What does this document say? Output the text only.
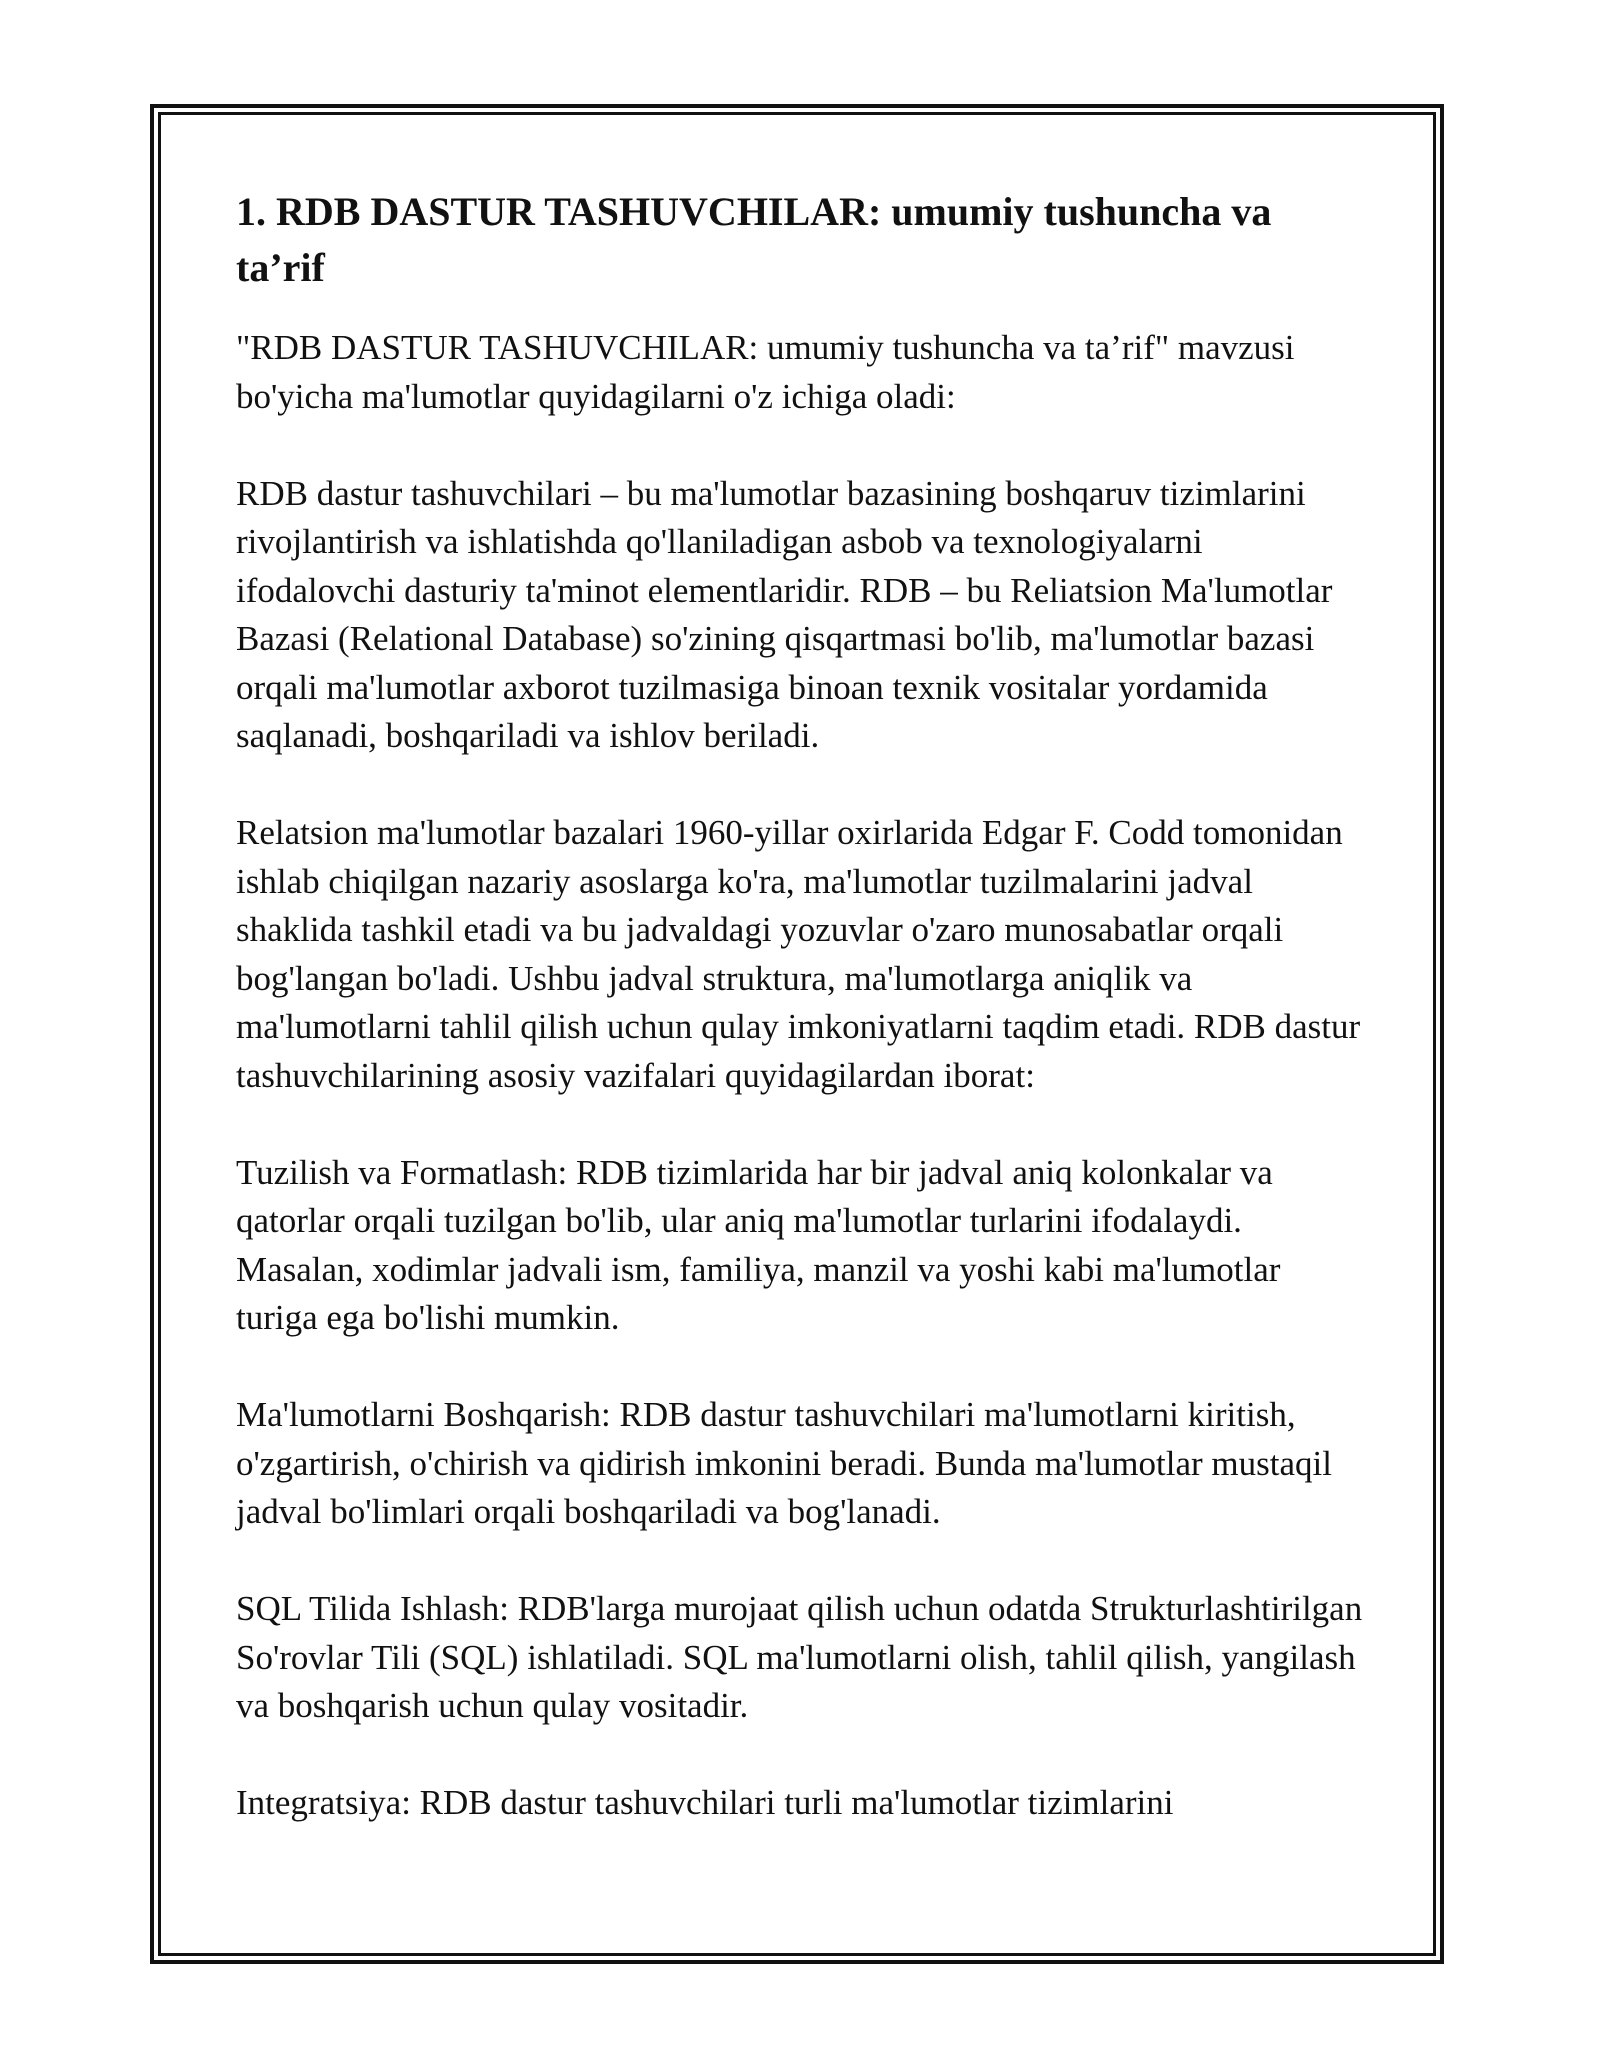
1. RDB DASTUR TASHUVCHILAR: umumiy tushuncha va ta’rif

"RDB DASTUR TASHUVCHILAR: umumiy tushuncha va ta’rif" mavzusi bo'yicha ma'lumotlar quyidagilarni o'z ichiga oladi:

RDB dastur tashuvchilari – bu ma'lumotlar bazasining boshqaruv tizimlarini rivojlantirish va ishlatishda qo'llaniladigan asbob va texnologiyalarni ifodalovchi dasturiy ta'minot elementlaridir. RDB – bu Reliatsion Ma'lumotlar Bazasi (Relational Database) so'zining qisqartmasi bo'lib, ma'lumotlar bazasi orqali ma'lumotlar axborot tuzilmasiga binoan texnik vositalar yordamida saqlanadi, boshqariladi va ishlov beriladi.

Relatsion ma'lumotlar bazalari 1960-yillar oxirlarida Edgar F. Codd tomonidan ishlab chiqilgan nazariy asoslarga ko'ra, ma'lumotlar tuzilmalarini jadval shaklida tashkil etadi va bu jadvaldagi yozuvlar o'zaro munosabatlar orqali bog'langan bo'ladi. Ushbu jadval struktura, ma'lumotlarga aniqlik va ma'lumotlarni tahlil qilish uchun qulay imkoniyatlarni taqdim etadi. RDB dastur tashuvchilarining asosiy vazifalari quyidagilardan iborat:

Tuzilish va Formatlash: RDB tizimlarida har bir jadval aniq kolonkalar va qatorlar orqali tuzilgan bo'lib, ular aniq ma'lumotlar turlarini ifodalaydi. Masalan, xodimlar jadvali ism, familiya, manzil va yoshi kabi ma'lumotlar turiga ega bo'lishi mumkin.

Ma'lumotlarni Boshqarish: RDB dastur tashuvchilari ma'lumotlarni kiritish, o'zgartirish, o'chirish va qidirish imkonini beradi. Bunda ma'lumotlar mustaqil jadval bo'limlari orqali boshqariladi va bog'lanadi.

SQL Tilida Ishlash: RDB'larga murojaat qilish uchun odatda Strukturlashtirilgan So'rovlar Tili (SQL) ishlatiladi. SQL ma'lumotlarni olish, tahlil qilish, yangilash va boshqarish uchun qulay vositadir.

Integratsiya: RDB dastur tashuvchilari turli ma'lumotlar tizimlarini
